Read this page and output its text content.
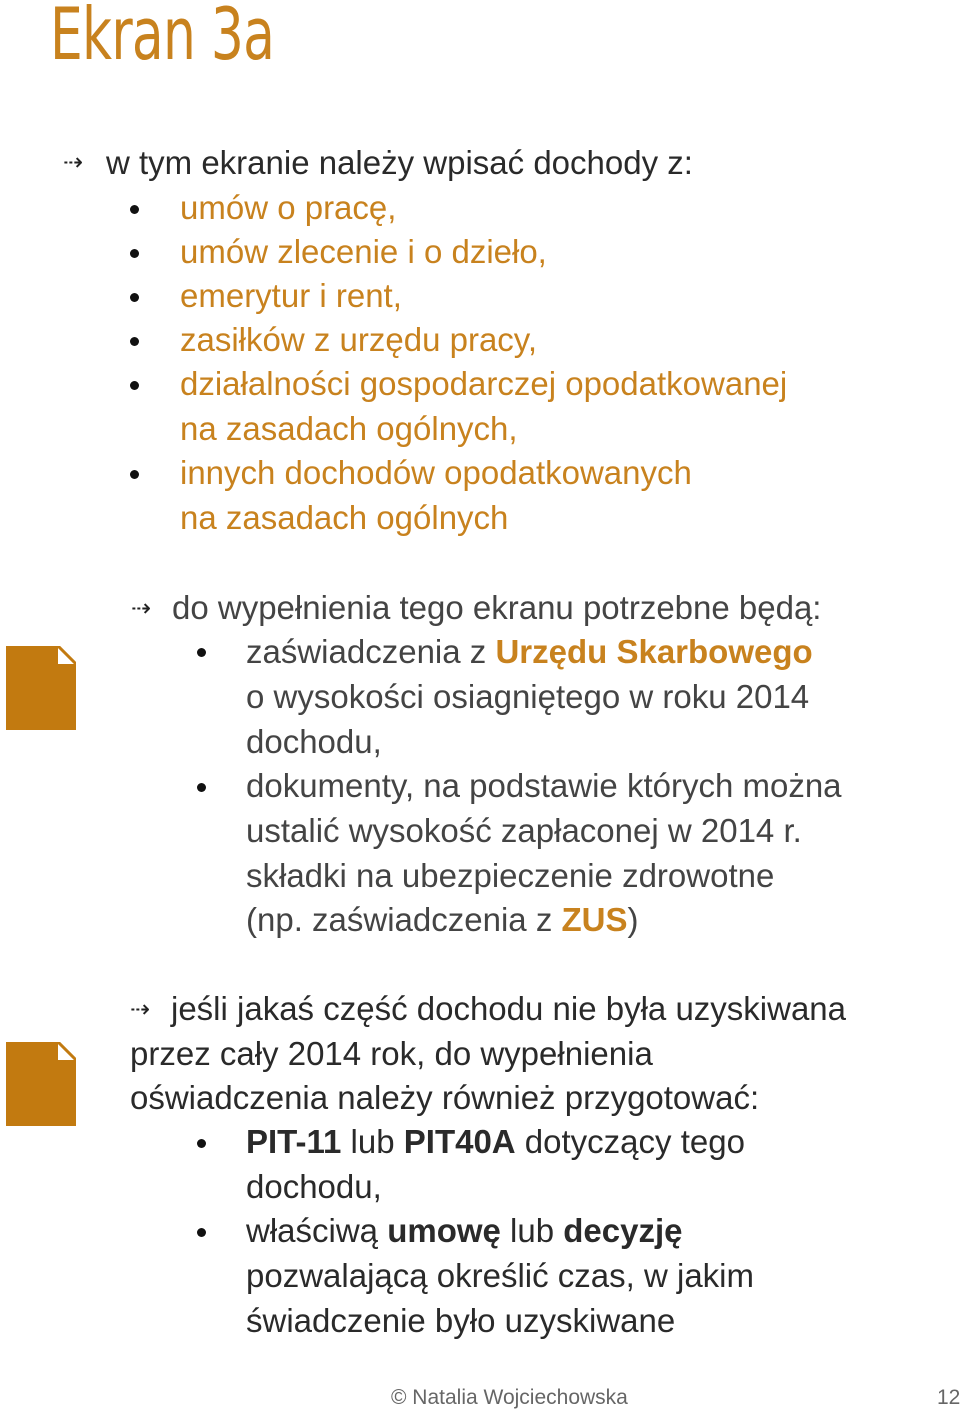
Ekran 3a
⇢ w tym ekranie należy wpisać dochody z:
umów o pracę,
umów zlecenie i o dzieło,
emerytur i rent,
zasiłków z urzędu pracy,
działalności gospodarczej opodatkowanej
na zasadach ogólnych,
innych dochodów opodatkowanych
na zasadach ogólnych
⇢ do wypełnienia tego ekranu potrzebne będą:
zaświadczenia z Urzędu Skarbowego
o wysokości osiagniętego w roku 2014
dochodu,
dokumenty, na podstawie których można
ustalić wysokość zapłaconej w 2014 r.
składki na ubezpieczenie zdrowotne
(np. zaświadczenia z ZUS)
⇢ jeśli jakaś część dochodu nie była uzyskiwana
przez cały 2014 rok, do wypełnienia
oświadczenia należy również przygotować:
PIT-11 lub PIT40A dotyczący tego
dochodu,
właściwą umowę lub decyzję
pozwalającą określić czas, w jakim
świadczenie było uzyskiwane
© Natalia Wojciechowska	12
